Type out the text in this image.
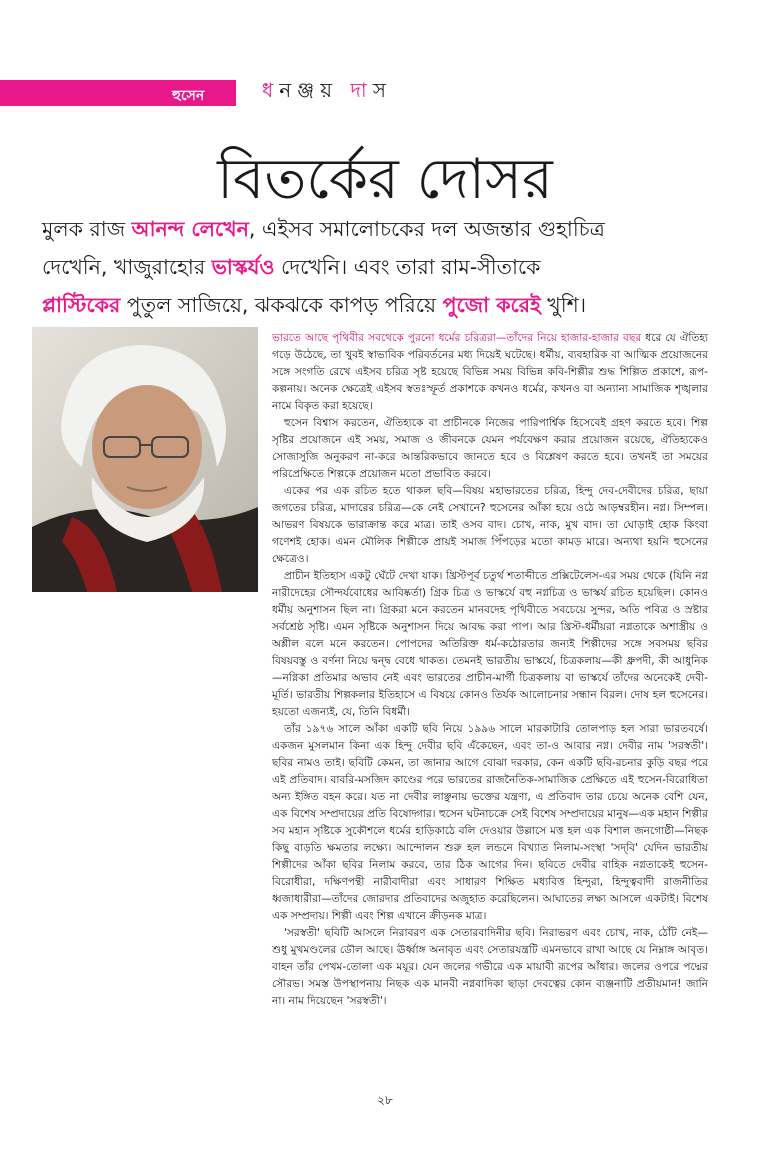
হুসেন	ধনঞ্জয় দাস
বিতর্কের দোসর
মুলক রাজ আনন্দ লেখেন, এইসব সমালোচকের দল অজন্তার গুহাচিত্র
দেখেনি, খাজুরাহোর ভাস্কর্যও দেখেনি। এবং তারা রাম-সীতাকে
প্লাস্টিকের পুতুল সাজিয়ে, ঝকঝকে কাপড় পরিয়ে পুজো করেই খুশি।

ভারতে আছে পৃথিবীর সবথেকে পুরনো ধর্মের চরিত্ররা—তাঁদের নিয়ে হাজার-হাজার বছর ধরে যে ঐতিহ্য গড়ে উঠেছে, তা খুবই স্বাভাবিক পরিবর্তনের মধ্য দিয়েই ঘটেছে। ধর্মীয়, ব্যবহারিক বা আত্মিক প্রয়োজনের সঙ্গে সংগতি রেখে এইসব চরিত্র সৃষ্ট হয়েছে বিভিন্ন সময় বিভিন্ন কবি-শিল্পীর শুদ্ধ শিল্পিত প্রকাশে, রূপ-কল্পনায়। অনেক ক্ষেত্রেই এইসব স্বতঃস্ফূর্ত প্রকাশকে কখনও ধর্মের, কখনও বা অন্যান্য সামাজিক শৃঙ্খলার নামে বিকৃত করা হয়েছে।

হুসেন বিশ্বাস করতেন, ঐতিহ্যকে বা প্রাচীনকে নিজের পারিপার্শ্বিক হিসেবেই গ্রহণ করতে হবে। শিল্প সৃষ্টির প্রয়োজনে এই সময়, সমাজ ও জীবনকে যেমন পর্যবেক্ষণ করার প্রয়োজন রয়েছে, ঐতিহ্যকেও সোজাসুজি অনুকরণ না-করে আন্তরিকভাবে জানতে হবে ও বিশ্লেষণ করতে হবে। তখনই তা সময়ের পরিপ্রেক্ষিতে শিল্পকে প্রয়োজন মতো প্রভাবিত করবে।

একের পর এক রচিত হতে থাকল ছবি—বিষয় মহাভারতের চরিত্র, হিন্দু দেব-দেবীদের চরিত্র, ছায়া জগতের চরিত্র, মাদারের চরিত্র—কে নেই সেখানে? হুসেনের আঁকা হয়ে ওঠে আড়ম্বরহীন। নগ্ন। সিম্পল। আভরণ বিষয়কে ভারাক্রান্ত করে মাত্র। তাই ওসব বাদ। চোখ, নাক, মুখ বাদ। তা ঘোড়াই হোক কিংবা গণেশই হোক। এমন মৌলিক শিল্পীকে প্রায়ই সমাজ পিঁপড়ের মতো কামড় মারে। অন্যথা হয়নি হুসেনের ক্ষেত্রেও।

প্রাচীন ইতিহাস একটু ঘেঁটে দেখা যাক। খ্রিস্টপূর্ব চতুর্থ শতাব্দীতে প্রক্সিটেলেস-এর সময় থেকে (যিনি নগ্ন নারীদেহের সৌন্দর্যবোধের আবিষ্কর্তা) গ্রিক চিত্র ও ভাস্কর্যে বহু নগ্নচিত্র ও ভাস্কর্য রচিত হয়েছিল। কোনও ধর্মীয় অনুশাসন ছিল না। গ্রিকরা মনে করতেন মানবদেহ পৃথিবীতে সবচেয়ে সুন্দর, অতি পবিত্র ও স্রষ্টার সর্বশ্রেষ্ঠ সৃষ্টি। এমন সৃষ্টিকে অনুশাসন দিয়ে আবদ্ধ করা পাপ। আর খ্রিস্ট-ধর্মীয়রা নগ্নতাকে অশাস্ত্রীয় ও অশ্লীল বলে মনে করতেন। পোপদের অতিরিক্ত ধর্ম-কঠোরতার জন্যই শিল্পীদের সঙ্গে সবসময় ছবির বিষয়বস্তু ও বর্ণনা নিয়ে দ্বন্দ্ব বেধে থাকত। তেমনই ভারতীয় ভাস্কর্যে, চিত্রকলায়—কী ধ্রুপদী, কী আধুনিক—নগ্নিকা প্রতিমার অভাব নেই এবং ভারতের প্রাচীন-মার্গী চিত্রকলায় বা ভাস্কর্যে তাঁদের অনেকেই দেবী-মূর্তি। ভারতীয় শিল্পকলার ইতিহাসে এ বিষয়ে কোনও তির্যক আলোচনার সন্ধান বিরল। দোষ হল হুসেনের। হয়তো এজন্যই, যে, তিনি বিধর্মী।

তাঁর ১৯৭৬ সালে আঁকা একটি ছবি নিয়ে ১৯৯৬ সালে মারকাটারি তোলপাড় হল সারা ভারতবর্ষে। একজন মুসলমান কিনা এক হিন্দু দেবীর ছবি এঁকেছেন, এবং তা-ও আবার নগ্ন। দেবীর নাম 'সরস্বতী'। ছবির নামও তাই। ছবিটি কেমন, তা জানার আগে বোঝা দরকার, কেন একটি ছবি-রচনার কুড়ি বছর পরে এই প্রতিবাদ। বাবরি-মসজিদ কাণ্ডের পরে ভারতের রাজনৈতিক-সামাজিক প্রেক্ষিতে এই হুসেন-বিরোধিতা অন্য ইঙ্গিত বহন করে। যত না দেবীর লাঞ্ছনায় ভক্তের যন্ত্রণা, এ প্রতিবাদ তার চেয়ে অনেক বেশি যেন, এক বিশেষ সম্প্রদায়ের প্রতি বিষোদ্গার। হুসেন ঘটনাচক্রে সেই বিশেষ সম্প্রদায়ের মানুষ—এক মহান শিল্পীর সব মহান সৃষ্টিকে সুকৌশলে ধর্মের হাড়িকাঠে বলি দেওয়ার উল্লাসে মত্ত হল এক বিশাল জনগোষ্ঠী—নিছক কিছু বাড়তি ক্ষমতার লক্ষ্যে। আন্দোলন শুরু হল লন্ডনে বিখ্যাত নিলাম-সংস্থা 'সদ্‌বি' যেদিন ভারতীয় শিল্পীদের আঁকা ছবির নিলাম করবে, তার ঠিক আগের দিন। ছবিতে দেবীর বাহিক নগ্নতাকেই হুসেন-বিরোধীরা, দক্ষিণপন্থী নারীবাদীরা এবং সাধারণ শিক্ষিত মধ্যবিত্ত হিন্দুরা, হিন্দুত্ববাদী রাজনীতির ধ্বজাধারীরা—তাঁদের জোরদার প্রতিবাদের অজুহাত করেছিলেন। আঘাতের লক্ষ্য আসলে একটাই। বিশেষ এক সম্প্রদায়। শিল্পী এবং শিল্প এখানে ক্রীড়নক মাত্র।

'সরস্বতী' ছবিটি আসলে নিরাবরণ এক সেতারবাদিনীর ছবি। নিরাভরণ এবং চোখ, নাক, ঠোঁট নেই—শুধু মুখমণ্ডলের ডৌল আছে। ঊর্ধ্বাঙ্গ অনাবৃত এবং সেতারযন্ত্রটি এমনভাবে রাখা আছে যে নিম্নাঙ্গ আবৃত। বাহন তাঁর পেখম-তোলা এক ময়ূর। যেন জলের গভীরে এক মায়াবী রূপের আঁধার। জলের ওপরে পদ্মের সৌরভ। সমস্ত উপস্থাপনায় নিছক এক মানবী নগ্নবাদিকা ছাড়া দেবত্বের কোন ব্যঞ্জনাটি প্রতীয়মান! জানি না। নাম দিয়েছেন 'সরস্বতী'।

২৮
